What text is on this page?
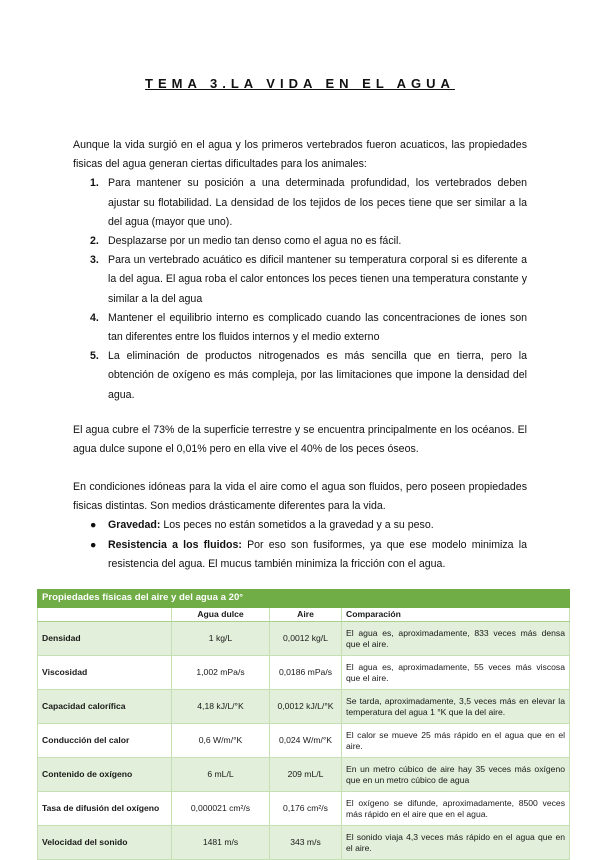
TEMA 3.LA VIDA EN EL AGUA
Aunque la vida surgió en el agua y los primeros vertebrados fueron acuaticos, las propiedades fisicas del agua generan ciertas dificultades para los animales:
1. Para mantener su posición a una determinada profundidad, los vertebrados deben ajustar su flotabilidad. La densidad de los tejidos de los peces tiene que ser similar a la del agua (mayor que uno).
2. Desplazarse por un medio tan denso como el agua no es fácil.
3. Para un vertebrado acuático es dificil mantener su temperatura corporal si es diferente a la del agua. El agua roba el calor entonces los peces tienen una temperatura constante y similar a la del agua
4. Mantener el equilibrio interno es complicado cuando las concentraciones de iones son tan diferentes entre los fluidos internos y el medio externo
5. La eliminación de productos nitrogenados es más sencilla que en tierra, pero la obtención de oxígeno es más compleja, por las limitaciones que impone la densidad del agua.
El agua cubre el 73% de la superficie terrestre y se encuentra principalmente en los océanos. El agua dulce supone el 0,01% pero en ella vive el 40% de los peces óseos.
En condiciones idóneas para la vida el aire como el agua son fluidos, pero poseen propiedades fisicas distintas. Son medios drásticamente diferentes para la vida.
● Gravedad: Los peces no están sometidos a la gravedad y a su peso.
● Resistencia a los fluidos: Por eso son fusiformes, ya que ese modelo minimiza la resistencia del agua. El mucus también minimiza la fricción con el agua.
Propiedades físicas del aire y del agua a 20°			
	Agua dulce	Aire	Comparación
Densidad	1 kg/L	0,0012 kg/L	El agua es, aproximadamente, 833 veces más densa que el aire.
Viscosidad	1,002 mPa/s	0,0186 mPa/s	El agua es, aproximadamente, 55 veces más viscosa que el aire.
Capacidad calorífica	4,18 kJ/L/°K	0,0012 kJ/L/°K	Se tarda, aproximadamente, 3,5 veces más en elevar la temperatura del agua 1 °K que la del aire.
Conducción del calor	0,6 W/m/°K	0,024 W/m/°K	El calor se mueve 25 más rápido en el agua que en el aire.
Contenido de oxígeno	6 mL/L	209 mL/L	En un metro cúbico de aire hay 35 veces más oxígeno que en un metro cúbico de agua
Tasa de difusión del oxígeno	0,000021 cm²/s	0,176 cm²/s	El oxígeno se difunde, aproximadamente, 8500 veces más rápido en el aire que en el agua.
Velocidad del sonido	1481 m/s	343 m/s	El sonido viaja 4,3 veces más rápido en el agua que en el aire.
